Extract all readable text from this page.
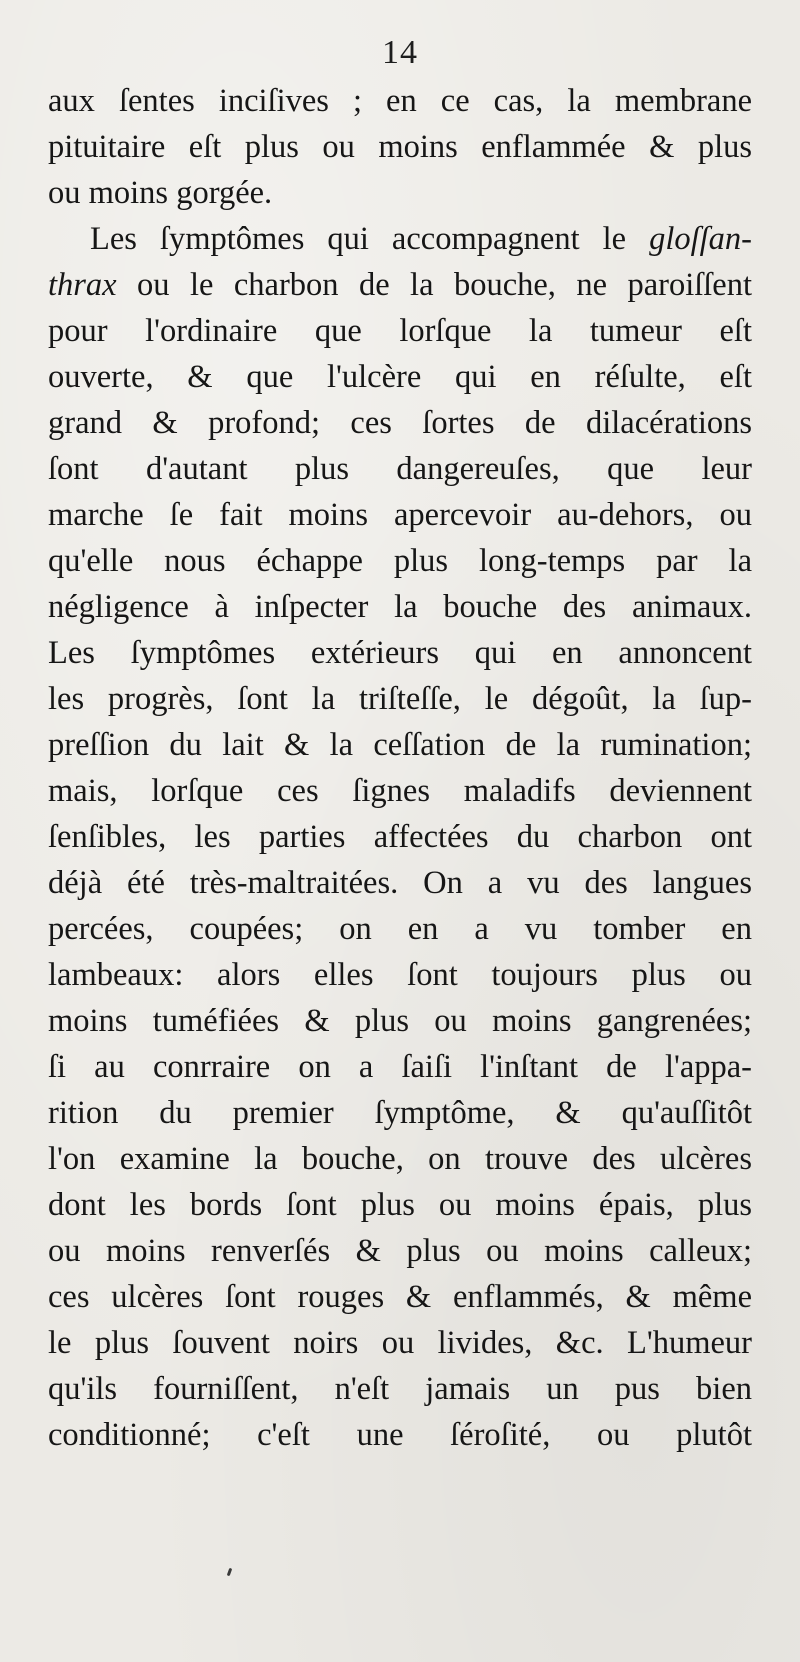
14
aux ſentes inciſives ; en ce cas, la membrane
pituitaire eſt plus ou moins enflammée & plus
ou moins gorgée.
Les ſymptômes qui accompagnent le gloſſan-
thrax ou le charbon de la bouche, ne paroiſſent
pour l'ordinaire que lorſque la tumeur eſt
ouverte, & que l'ulcère qui en réſulte, eſt
grand & profond; ces ſortes de dilacérations
ſont d'autant plus dangereuſes, que leur
marche ſe fait moins apercevoir au-dehors, ou
qu'elle nous échappe plus long-temps par la
négligence à inſpecter la bouche des animaux.
Les ſymptômes extérieurs qui en annoncent
les progrès, ſont la triſteſſe, le dégoût, la ſup-
preſſion du lait & la ceſſation de la rumination;
mais, lorſque ces ſignes maladifs deviennent
ſenſibles, les parties affectées du charbon ont
déjà été très-maltraitées. On a vu des langues
percées, coupées; on en a vu tomber en
lambeaux: alors elles ſont toujours plus ou
moins tuméfiées & plus ou moins gangrenées;
ſi au conrraire on a ſaiſi l'inſtant de l'appa-
rition du premier ſymptôme, & qu'auſſitôt
l'on examine la bouche, on trouve des ulcères
dont les bords ſont plus ou moins épais, plus
ou moins renverſés & plus ou moins calleux;
ces ulcères ſont rouges & enflammés, & même
le plus ſouvent noirs ou livides, &c. L'humeur
qu'ils fourniſſent, n'eſt jamais un pus bien
conditionné; c'eſt une ſéroſité, ou plutôt
